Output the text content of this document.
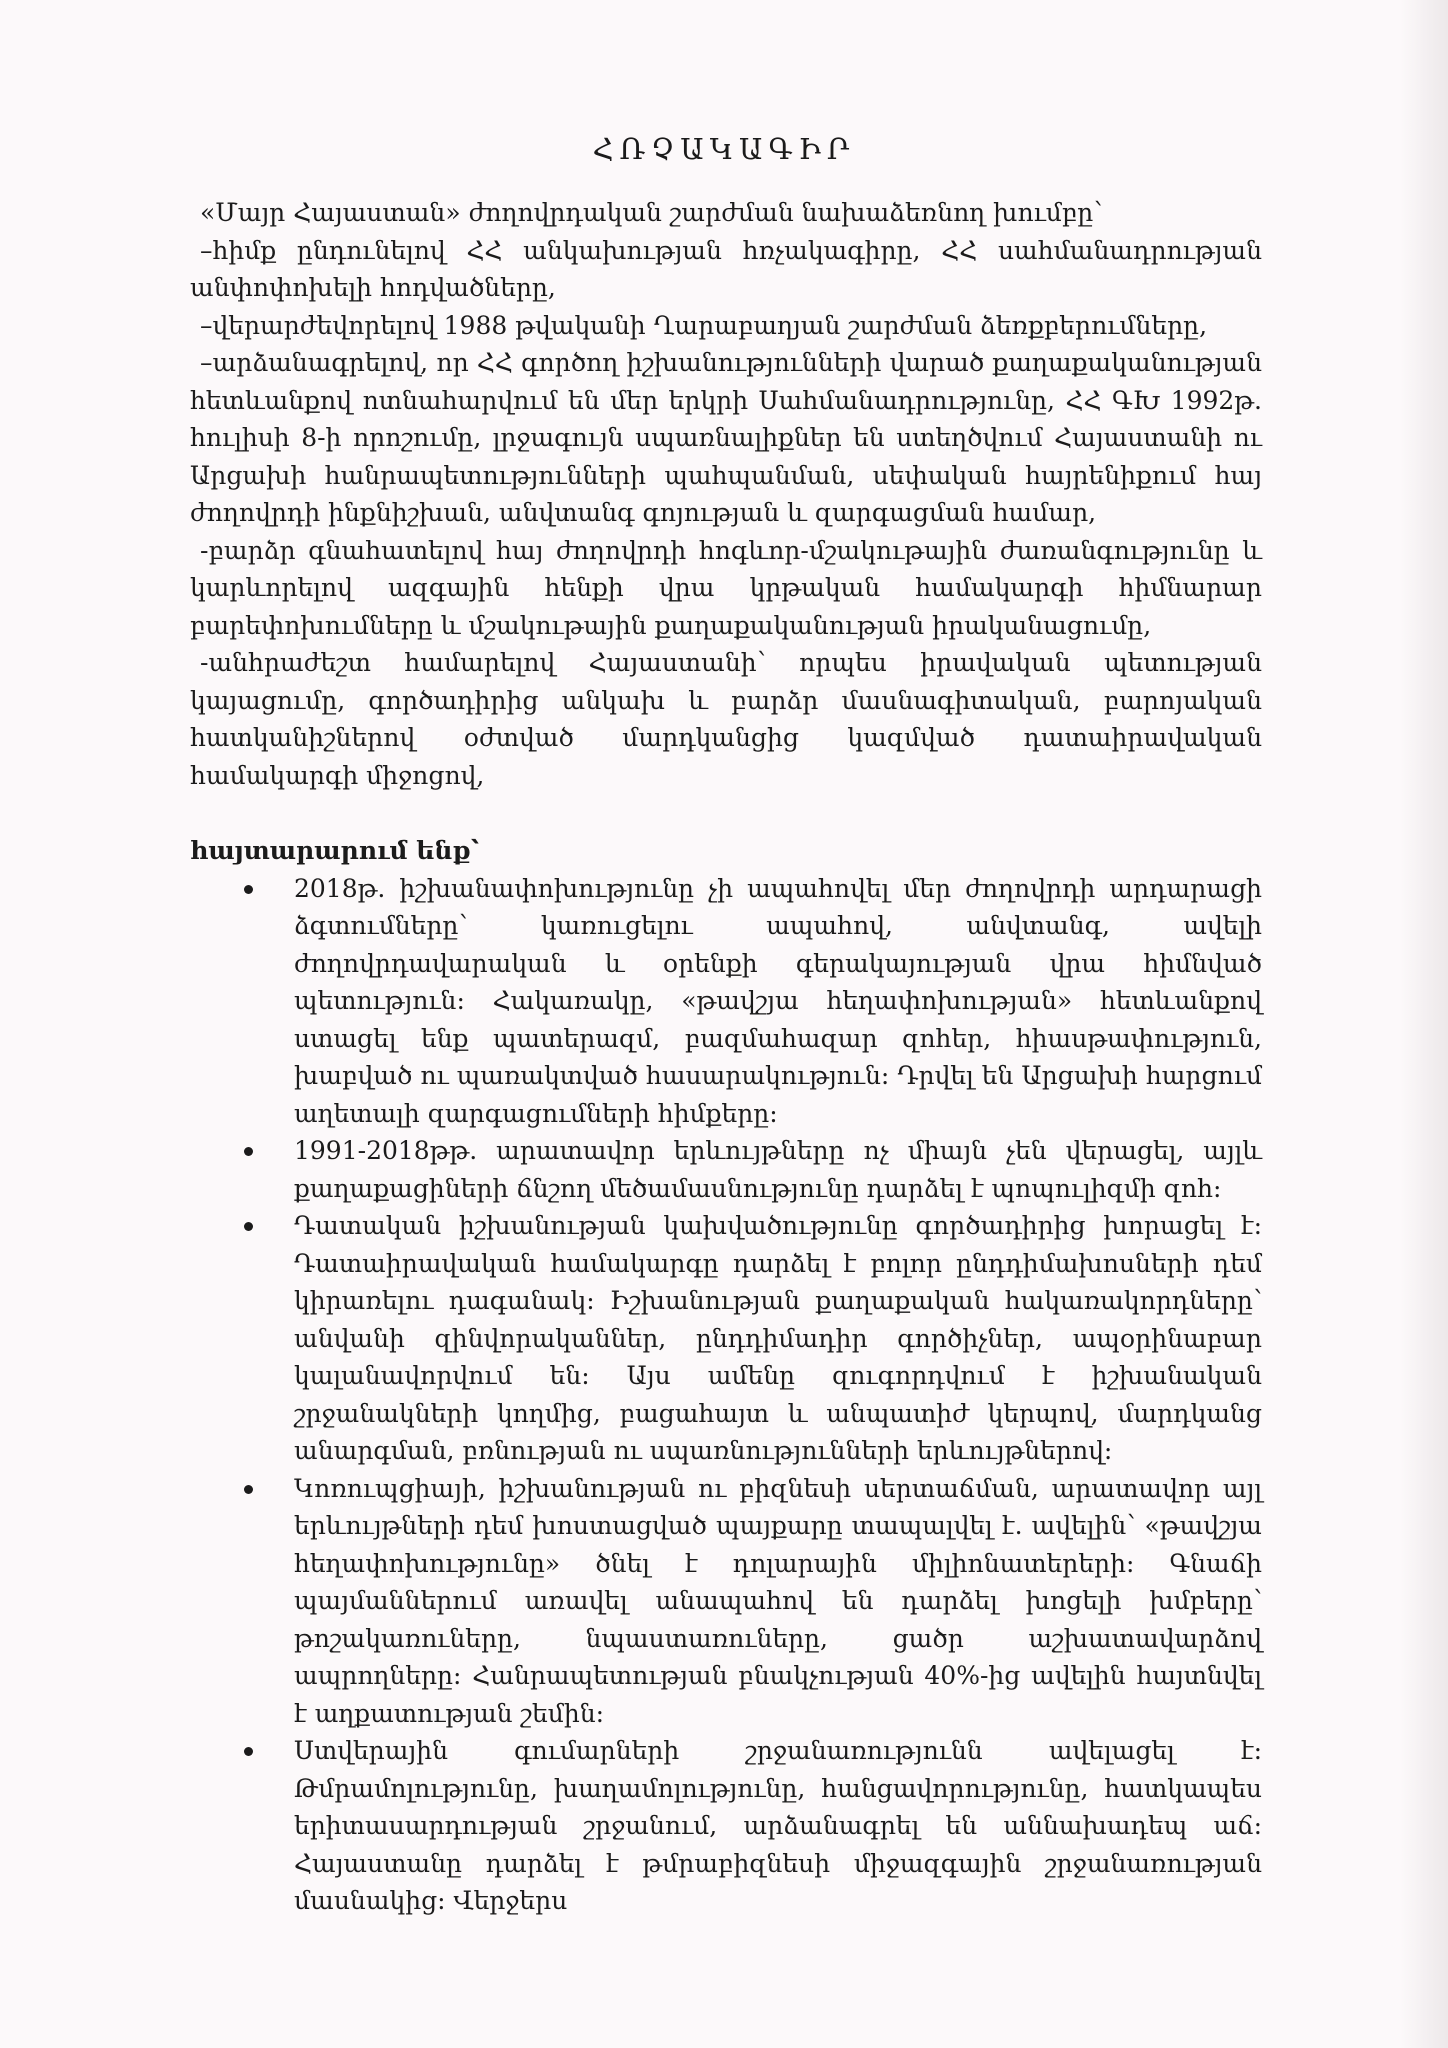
ՀՌՉԱԿԱԳԻՐ

«Մայր Հայաստան» ժողովրդական շարժման նախաձեռնող խումբը՝

–հիմք ընդունելով ՀՀ անկախության հռչակագիրը, ՀՀ սահմանադրության անփոփոխելի հոդվածները,

–վերարժեվորելով 1988 թվականի Ղարաբաղյան շարժման ձեռքբերումները,

–արձանագրելով, որ ՀՀ գործող իշխանությունների վարած քաղաքականության հետևանքով ոտնահարվում են մեր երկրի Սահմանադրությունը, ՀՀ ԳԽ 1992թ. հուլիսի 8-ի որոշումը, լրջագույն սպառնալիքներ են ստեղծվում Հայաստանի ու Արցախի հանրապետությունների պահպանման, սեփական հայրենիքում հայ ժողովրդի ինքնիշխան, անվտանգ գոյության և զարգացման համար,

-բարձր գնահատելով հայ ժողովրդի հոգևոր-մշակութային ժառանգությունը և կարևորելով ազգային հենքի վրա կրթական համակարգի հիմնարար բարեփոխումները և մշակութային քաղաքականության իրականացումը,

-անհրաժեշտ համարելով Հայաստանի՝ որպես իրավական պետության կայացումը, գործադիրից անկախ և բարձր մասնագիտական, բարոյական հատկանիշներով օժտված մարդկանցից կազմված դատաիրավական համակարգի միջոցով,

հայտարարում ենք՝

2018թ. իշխանափոխությունը չի ապահովել մեր ժողովրդի արդարացի ձգտումները՝ կառուցելու ապահով, անվտանգ, ավելի ժողովրդավարական և օրենքի գերակայության վրա հիմնված պետություն: Հակառակը, «թավշյա հեղափոխության» հետևանքով ստացել ենք պատերազմ, բազմահազար զոհեր, հիասթափություն, խաբված ու պառակտված հասարակություն: Դրվել են Արցախի հարցում աղետալի զարգացումների հիմքերը:
1991-2018թթ. արատավոր երևույթները ոչ միայն չեն վերացել, այլև քաղաքացիների ճնշող մեծամասնությունը դարձել է պոպուլիզմի զոհ:
Դատական իշխանության կախվածությունը գործադիրից խորացել է: Դատաիրավական համակարգը դարձել է բոլոր ընդդիմախոսների դեմ կիրառելու դագանակ: Իշխանության քաղաքական հակառակորդները՝ անվանի զինվորականներ, ընդդիմադիր գործիչներ, ապօրինաբար կալանավորվում են: Այս ամենը զուգորդվում է իշխանական շրջանակների կողմից, բացահայտ և անպատիժ կերպով, մարդկանց անարգման, բռնության ու սպառնությունների երևույթներով:
Կոռուպցիայի, իշխանության ու բիզնեսի սերտաճման, արատավոր այլ երևույթների դեմ խոստացված պայքարը տապալվել է. ավելին՝ «թավշյա հեղափոխությունը» ծնել է դոլարային միլիոնատերերի: Գնաճի պայմաններում առավել անապահով են դարձել խոցելի խմբերը՝ թոշակառուները, նպաստառուները, ցածր աշխատավարձով ապրողները: Հանրապետության բնակչության 40%-ից ավելին հայտնվել է աղքատության շեմին:
Ստվերային գումարների շրջանառությունն ավելացել է: Թմրամոլությունը, խաղամոլությունը, հանցավորությունը, հատկապես երիտասարդության շրջանում, արձանագրել են աննախադեպ աճ: Հայաստանը դարձել է թմրաբիզնեսի միջազգային շրջանառության մասնակից: Վերջերս
